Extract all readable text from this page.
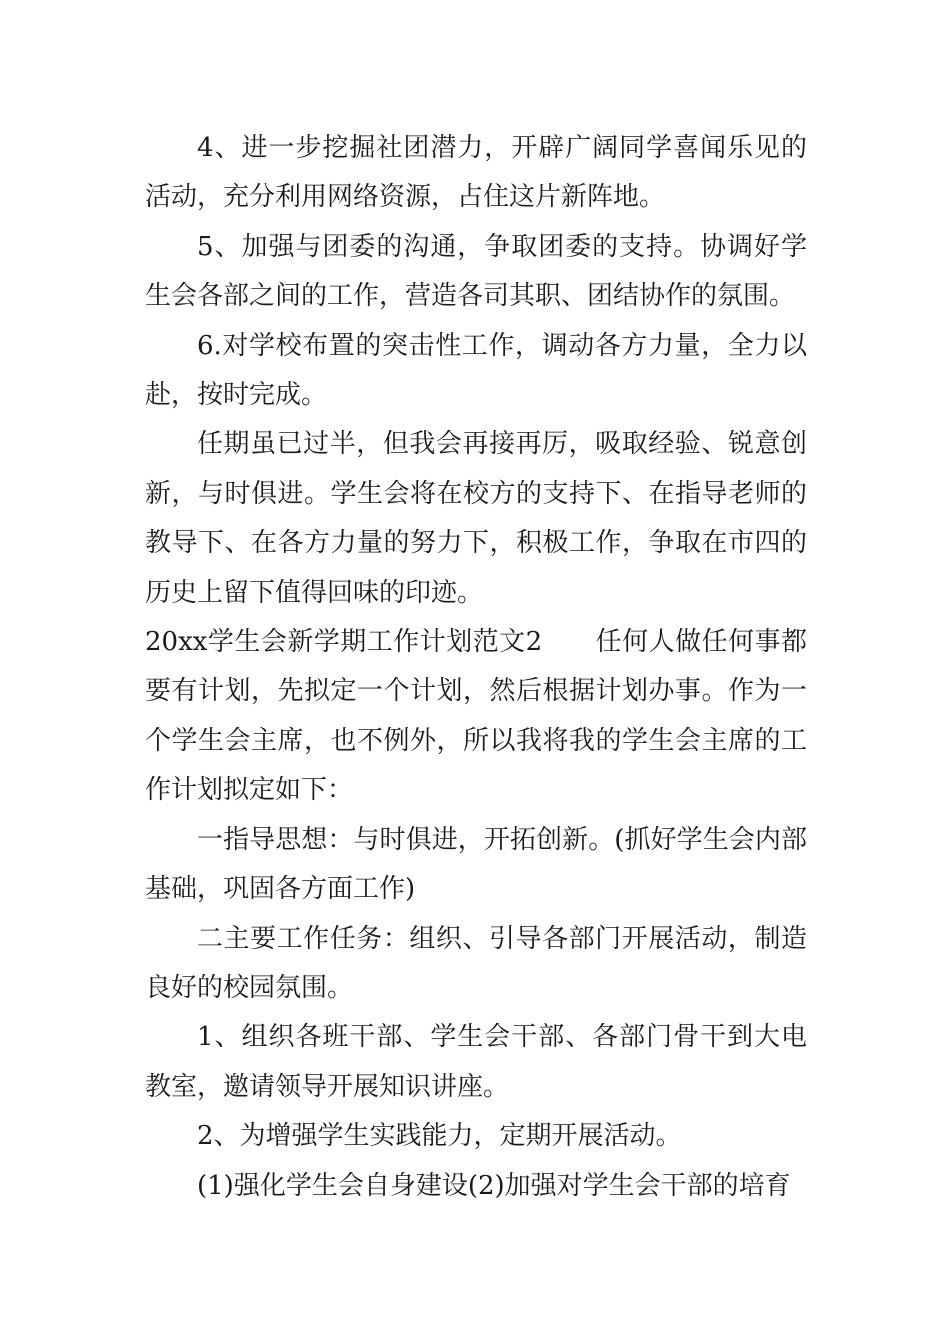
4、进一步挖掘社团潜力，开辟广阔同学喜闻乐见的活动，充分利用网络资源，占住这片新阵地。

5、加强与团委的沟通，争取团委的支持。协调好学生会各部之间的工作，营造各司其职、团结协作的氛围。

6.对学校布置的突击性工作，调动各方力量，全力以赴，按时完成。

任期虽已过半，但我会再接再厉，吸取经验、锐意创新，与时俱进。学生会将在校方的支持下、在指导老师的教导下、在各方力量的努力下，积极工作，争取在市四的历史上留下值得回味的印迹。

20xx学生会新学期工作计划范文2　　任何人做任何事都要有计划，先拟定一个计划，然后根据计划办事。作为一个学生会主席，也不例外，所以我将我的学生会主席的工作计划拟定如下：

一指导思想：与时俱进，开拓创新。(抓好学生会内部基础，巩固各方面工作)

二主要工作任务：组织、引导各部门开展活动，制造良好的校园氛围。

1、组织各班干部、学生会干部、各部门骨干到大电教室，邀请领导开展知识讲座。

2、为增强学生实践能力，定期开展活动。

(1)强化学生会自身建设(2)加强对学生会干部的培育
